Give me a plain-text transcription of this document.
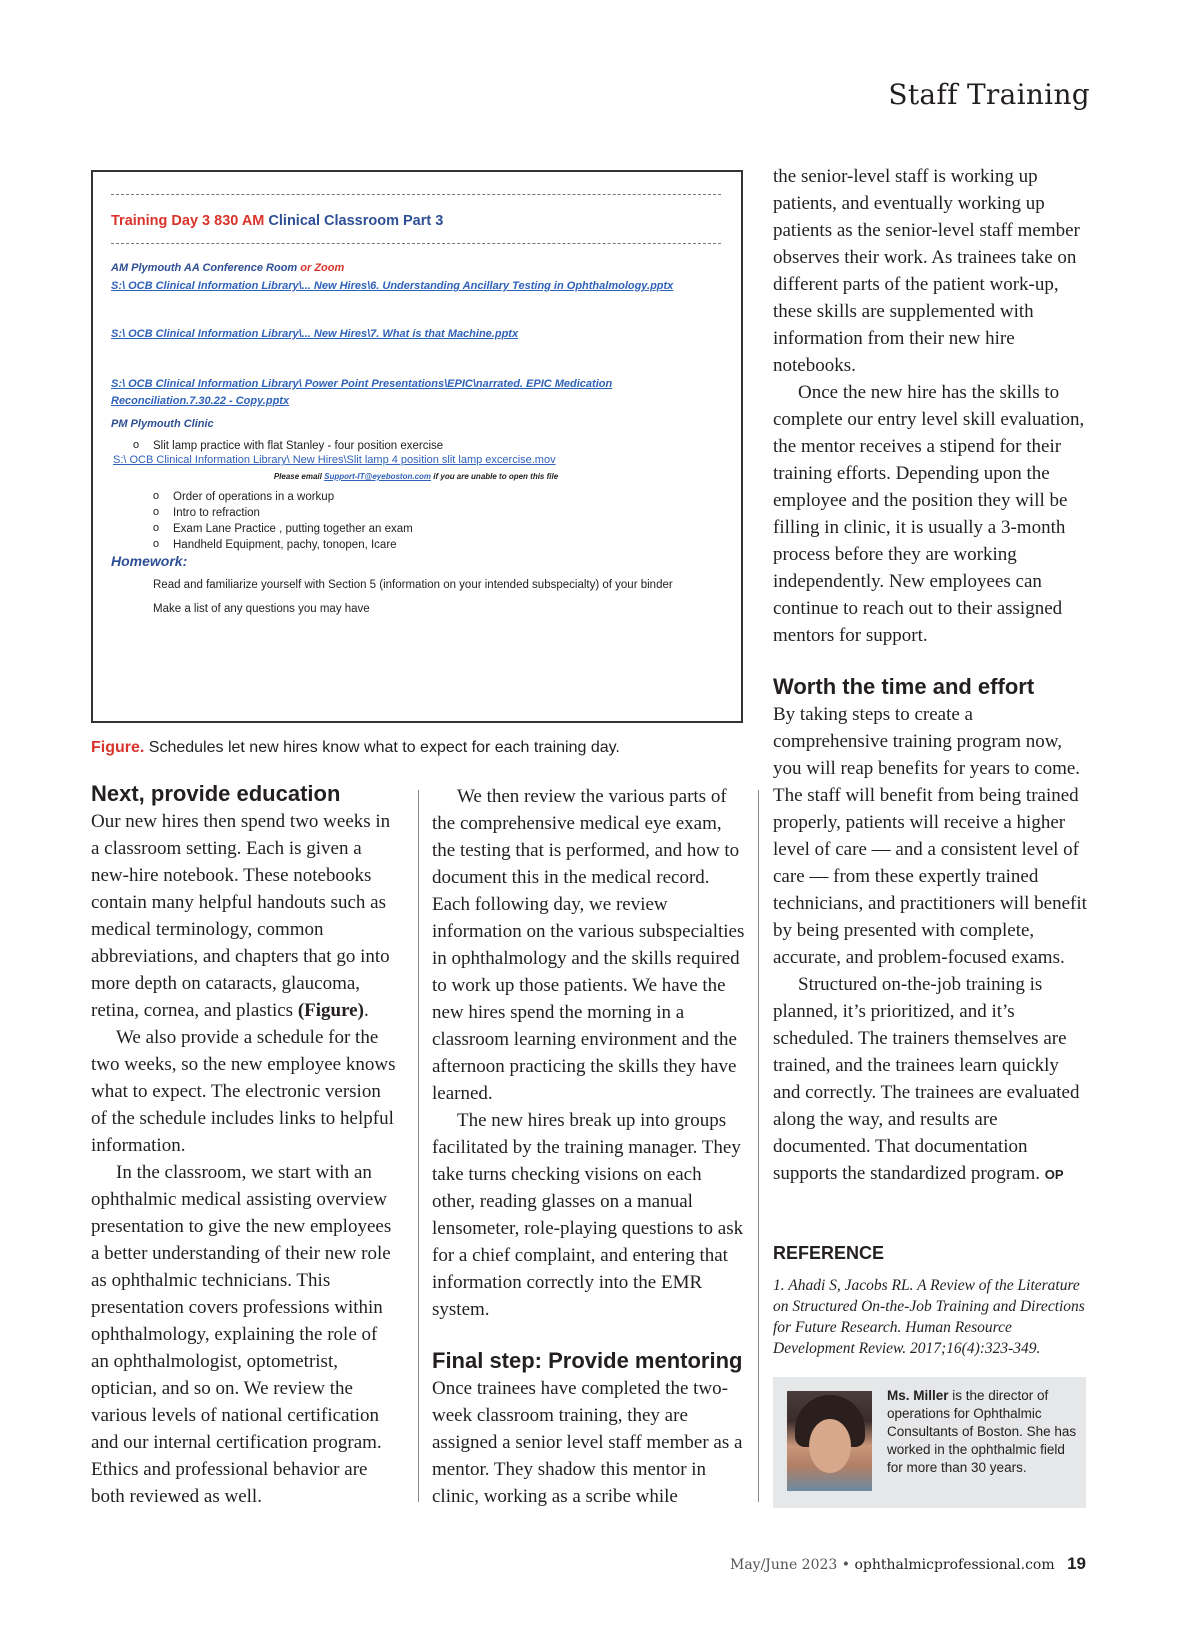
Staff Training
Training Day 3 830 AM Clinical Classroom Part 3
AM Plymouth AA Conference Room or Zoom
S:\ OCB Clinical Information Library\... New Hires\6. Understanding Ancillary Testing in Ophthalmology.pptx
S:\ OCB Clinical Information Library\... New Hires\7. What is that Machine.pptx
S:\ OCB Clinical Information Library\ Power Point Presentations\EPIC\narrated. EPIC Medication Reconciliation.7.30.22 - Copy.pptx
PM Plymouth Clinic
o Slit lamp practice with flat Stanley - four position exercise
S:\ OCB Clinical Information Library\ New Hires\Slit lamp 4 position slit lamp excercise.mov
Please email Support-IT@eyeboston.com if you are unable to open this file
o Order of operations in a workup
o Intro to refraction
o Exam Lane Practice , putting together an exam
o Handheld Equipment, pachy, tonopen, Icare
Homework:
Read and familiarize yourself with Section 5 (information on your intended subspecialty) of your binder
Make a list of any questions you may have
Figure. Schedules let new hires know what to expect for each training day.
Next, provide education

Our new hires then spend two weeks in a classroom setting. Each is given a new-hire notebook. These notebooks contain many helpful handouts such as medical terminology, common abbreviations, and chapters that go into more depth on cataracts, glaucoma, retina, cornea, and plastics (Figure).

We also provide a schedule for the two weeks, so the new employee knows what to expect. The electronic version of the schedule includes links to helpful information.

In the classroom, we start with an ophthalmic medical assisting overview presentation to give the new employees a better understanding of their new role as ophthalmic technicians. This presentation covers professions within ophthalmology, explaining the role of an ophthalmologist, optometrist, optician, and so on. We review the various levels of national certification and our internal certification program. Ethics and professional behavior are both reviewed as well.

We then review the various parts of the comprehensive medical eye exam, the testing that is performed, and how to document this in the medical record. Each following day, we review information on the various subspecialties in ophthalmology and the skills required to work up those patients. We have the new hires spend the morning in a classroom learning environment and the afternoon practicing the skills they have learned.

The new hires break up into groups facilitated by the training manager. They take turns checking visions on each other, reading glasses on a manual lensometer, role-playing questions to ask for a chief complaint, and entering that information correctly into the EMR system.

Final step: Provide mentoring

Once trainees have completed the two-week classroom training, they are assigned a senior level staff member as a mentor. They shadow this mentor in clinic, working as a scribe while

the senior-level staff is working up patients, and eventually working up patients as the senior-level staff member observes their work. As trainees take on different parts of the patient work-up, these skills are supplemented with information from their new hire notebooks.

Once the new hire has the skills to complete our entry level skill evaluation, the mentor receives a stipend for their training efforts. Depending upon the employee and the position they will be filling in clinic, it is usually a 3-month process before they are working independently. New employees can continue to reach out to their assigned mentors for support.

Worth the time and effort

By taking steps to create a comprehensive training program now, you will reap benefits for years to come. The staff will benefit from being trained properly, patients will receive a higher level of care — and a consistent level of care — from these expertly trained technicians, and practitioners will benefit by being presented with complete, accurate, and problem-focused exams.

Structured on-the-job training is planned, it’s prioritized, and it’s scheduled. The trainers themselves are trained, and the trainees learn quickly and correctly. The trainees are evaluated along the way, and results are documented. That documentation supports the standardized program. OP

REFERENCE
1. Ahadi S, Jacobs RL. A Review of the Literature on Structured On-the-Job Training and Directions for Future Research. Human Resource Development Review. 2017;16(4):323-349.
Ms. Miller is the director of operations for Ophthalmic Consultants of Boston. She has worked in the ophthalmic field for more than 30 years.
May/June 2023 • ophthalmicprofessional.com 19
